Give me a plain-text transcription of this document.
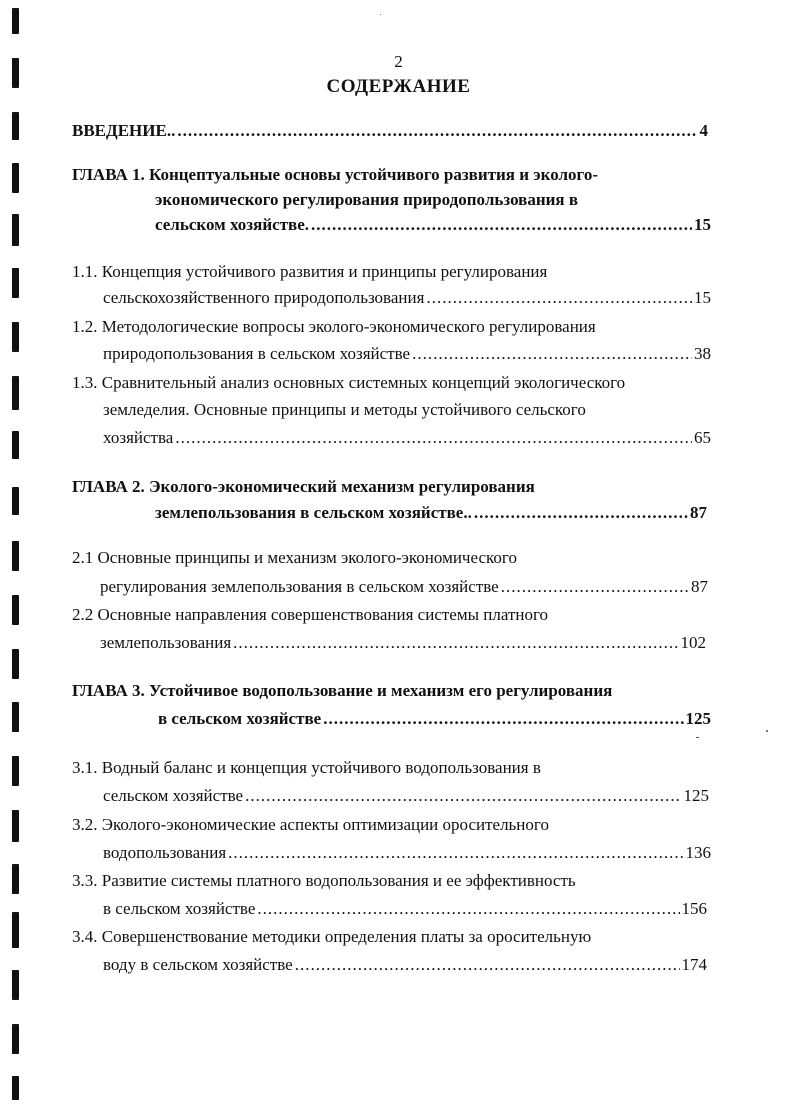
2
СОДЕРЖАНИЕ
ВВЕДЕНИЕ.. .....	4
ГЛАВА 1. Концептуальные основы устойчивого развития и эколого-
экономического регулирования природопользования в
сельском хозяйстве. .....	15
1.1. Концепция устойчивого развития и принципы регулирования
сельскохозяйственного природопользования .....	15
1.2. Методологические вопросы эколого-экономического регулирования
природопользования в сельском хозяйстве .....	38
1.3. Сравнительный анализ основных системных концепций экологического
земледелия. Основные принципы и методы устойчивого сельского
хозяйства .....	65
ГЛАВА 2. Эколого-экономический механизм регулирования
землепользования в сельском хозяйстве.. .....	87
2.1 Основные принципы и механизм эколого-экономического
регулирования землепользования в сельском хозяйстве .....	87
2.2 Основные направления совершенствования системы платного
землепользования .....	102
ГЛАВА 3. Устойчивое водопользование и механизм его регулирования
в сельском хозяйстве .....	125
3.1. Водный баланс и концепция устойчивого водопользования в
сельском хозяйстве .....	125
3.2. Эколого-экономические аспекты оптимизации оросительного
водопользования .....	136
3.3. Развитие системы платного водопользования и ее эффективность
в сельском хозяйстве .....	156
3.4. Совершенствование методики определения платы за оросительную
воду в сельском хозяйстве .....	174
